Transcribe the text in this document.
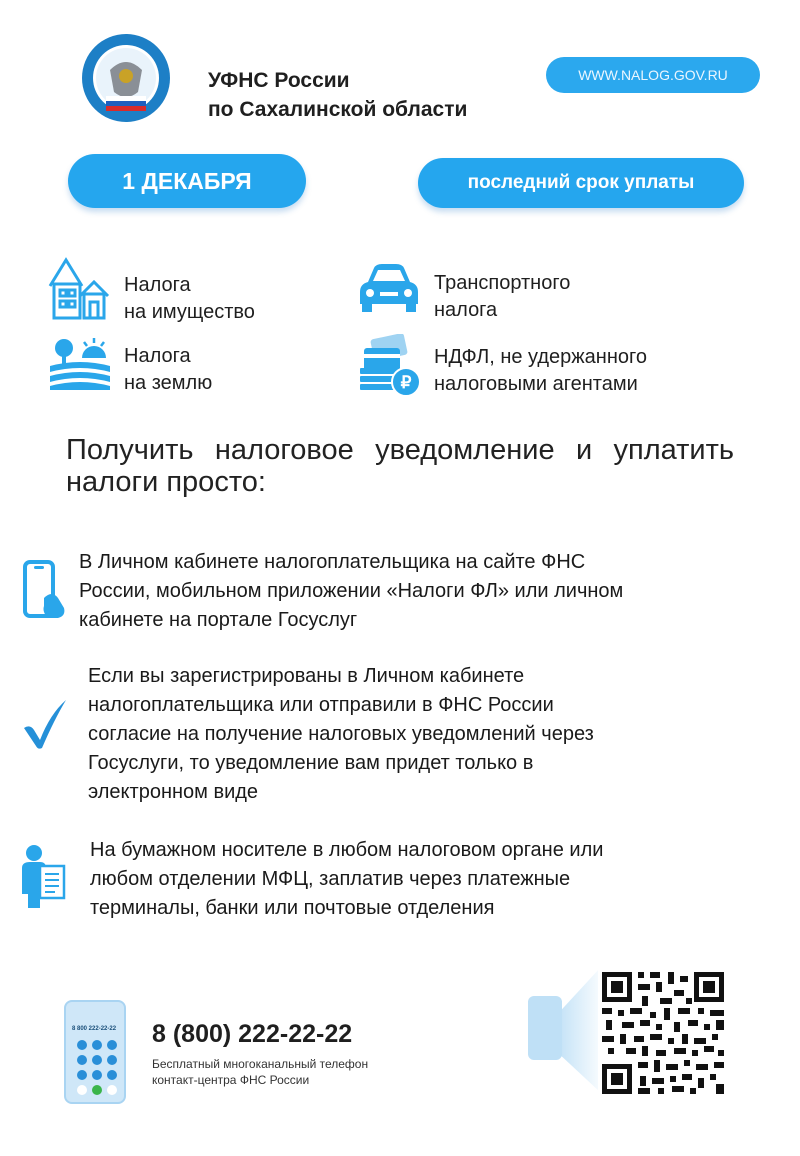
УФНС России
по Сахалинской области
WWW.NALOG.GOV.RU
1 ДЕКАБРЯ	последний срок уплаты
Налога
на имущество
Транспортного
налога
Налога
на землю	₽
НДФЛ, не удержанного
налоговыми агентами
Получить налоговое уведомление и уплатить
налоги просто:
В Личном кабинете налогоплательщика на сайте ФНС
России, мобильном приложении «Налоги ФЛ» или личном
кабинете на портале Госуслуг
Если вы зарегистрированы в Личном кабинете
налогоплательщика или отправили в ФНС России
согласие на получение налоговых уведомлений через
Госуслуги, то уведомление вам придет только в
электронном виде
На бумажном носителе в любом налоговом органе или
любом отделении МФЦ, заплатив через платежные
терминалы, банки или почтовые отделения
8 800 222-22-22 8 (800) 222-22-22
Бесплатный многоканальный телефон
контакт-центра ФНС России
